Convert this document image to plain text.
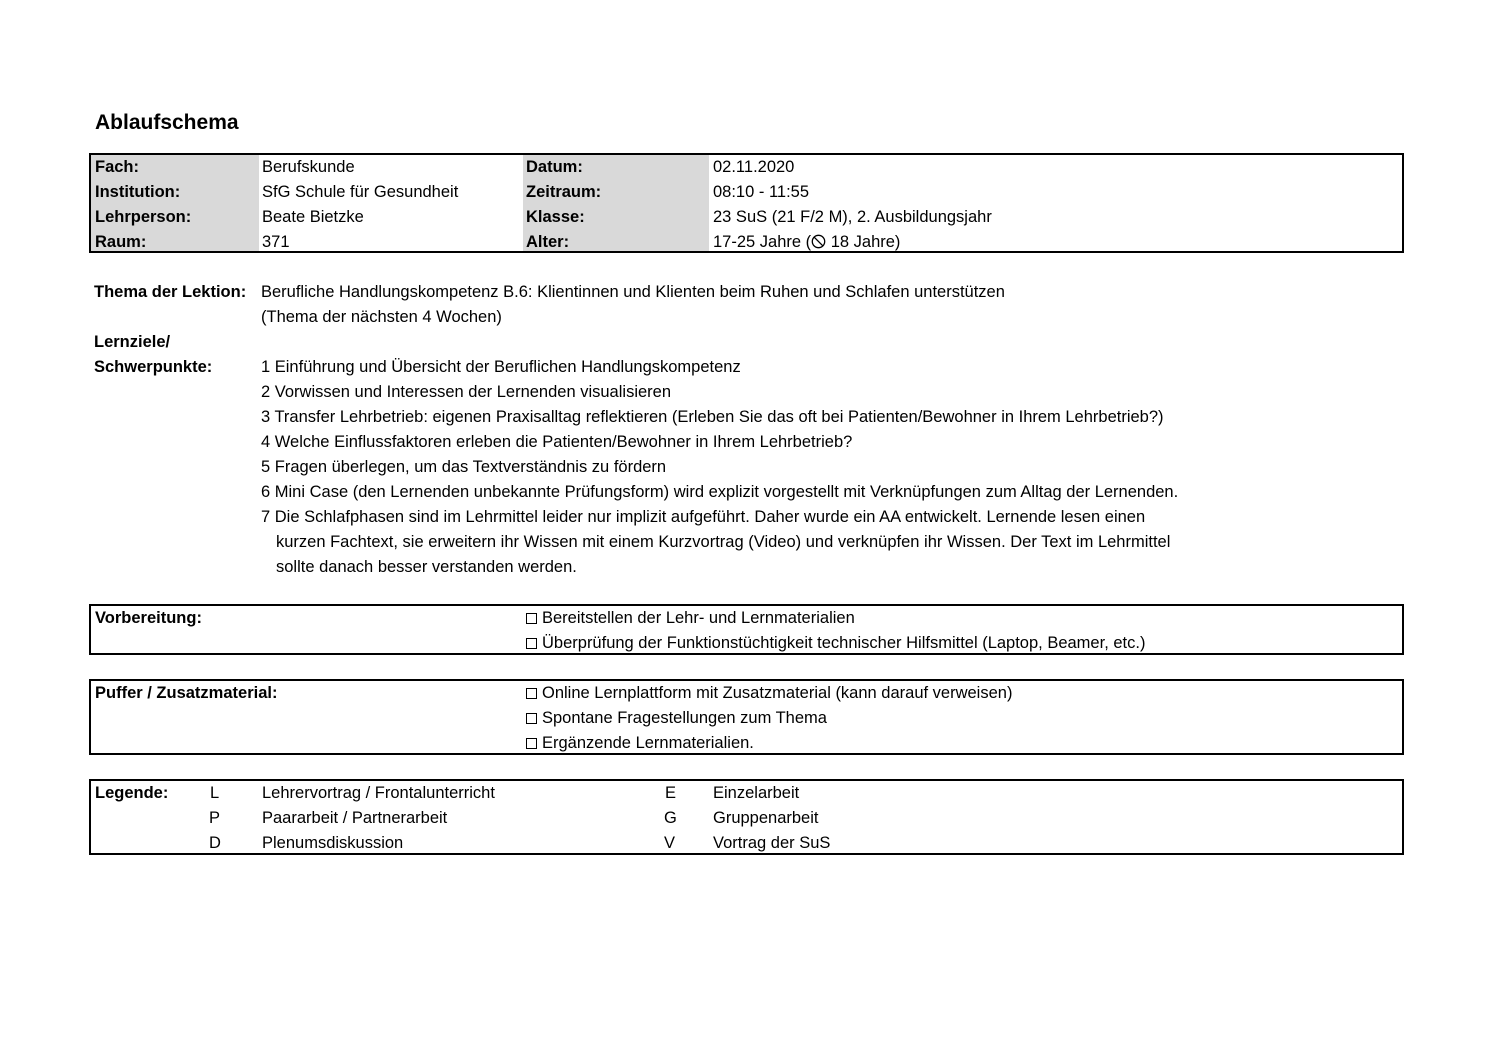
Ablaufschema
Fach:	Berufskunde	Datum:	02.11.2020
Institution:	SfG Schule für Gesundheit	Zeitraum:	08:10 - 11:55
Lehrperson:	Beate Bietzke	Klasse:	23 SuS (21 F/2 M), 2. Ausbildungsjahr
Raum:	371	Alter:	17-25 Jahre ( 18 Jahre)
Thema der Lektion: Berufliche Handlungskompetenz B.6: Klientinnen und Klienten beim Ruhen und Schlafen unterstützen
(Thema der nächsten 4 Wochen)
Lernziele/
Schwerpunkte:	1 Einführung und Übersicht der Beruflichen Handlungskompetenz
2 Vorwissen und Interessen der Lernenden visualisieren
3 Transfer Lehrbetrieb: eigenen Praxisalltag reflektieren (Erleben Sie das oft bei Patienten/Bewohner in Ihrem Lehrbetrieb?)
4 Welche Einflussfaktoren erleben die Patienten/Bewohner in Ihrem Lehrbetrieb?
5 Fragen überlegen, um das Textverständnis zu fördern
6 Mini Case (den Lernenden unbekannte Prüfungsform) wird explizit vorgestellt mit Verknüpfungen zum Alltag der Lernenden.
7 Die Schlafphasen sind im Lehrmittel leider nur implizit aufgeführt. Daher wurde ein AA entwickelt. Lernende lesen einen
kurzen Fachtext, sie erweitern ihr Wissen mit einem Kurzvortrag (Video) und verknüpfen ihr Wissen. Der Text im Lehrmittel
sollte danach besser verstanden werden.
Vorbereitung:	Bereitstellen der Lehr- und Lernmaterialien
Überprüfung der Funktionstüchtigkeit technischer Hilfsmittel (Laptop, Beamer, etc.)
Puffer / Zusatzmaterial:	Online Lernplattform mit Zusatzmaterial (kann darauf verweisen)
Spontane Fragestellungen zum Thema
Ergänzende Lernmaterialien.
Legende:	L	Lehrervortrag / Frontalunterricht	E Einzelarbeit
P	Paararbeit / Partnerarbeit	G Gruppenarbeit
D Plenumsdiskussion	V Vortrag der SuS
